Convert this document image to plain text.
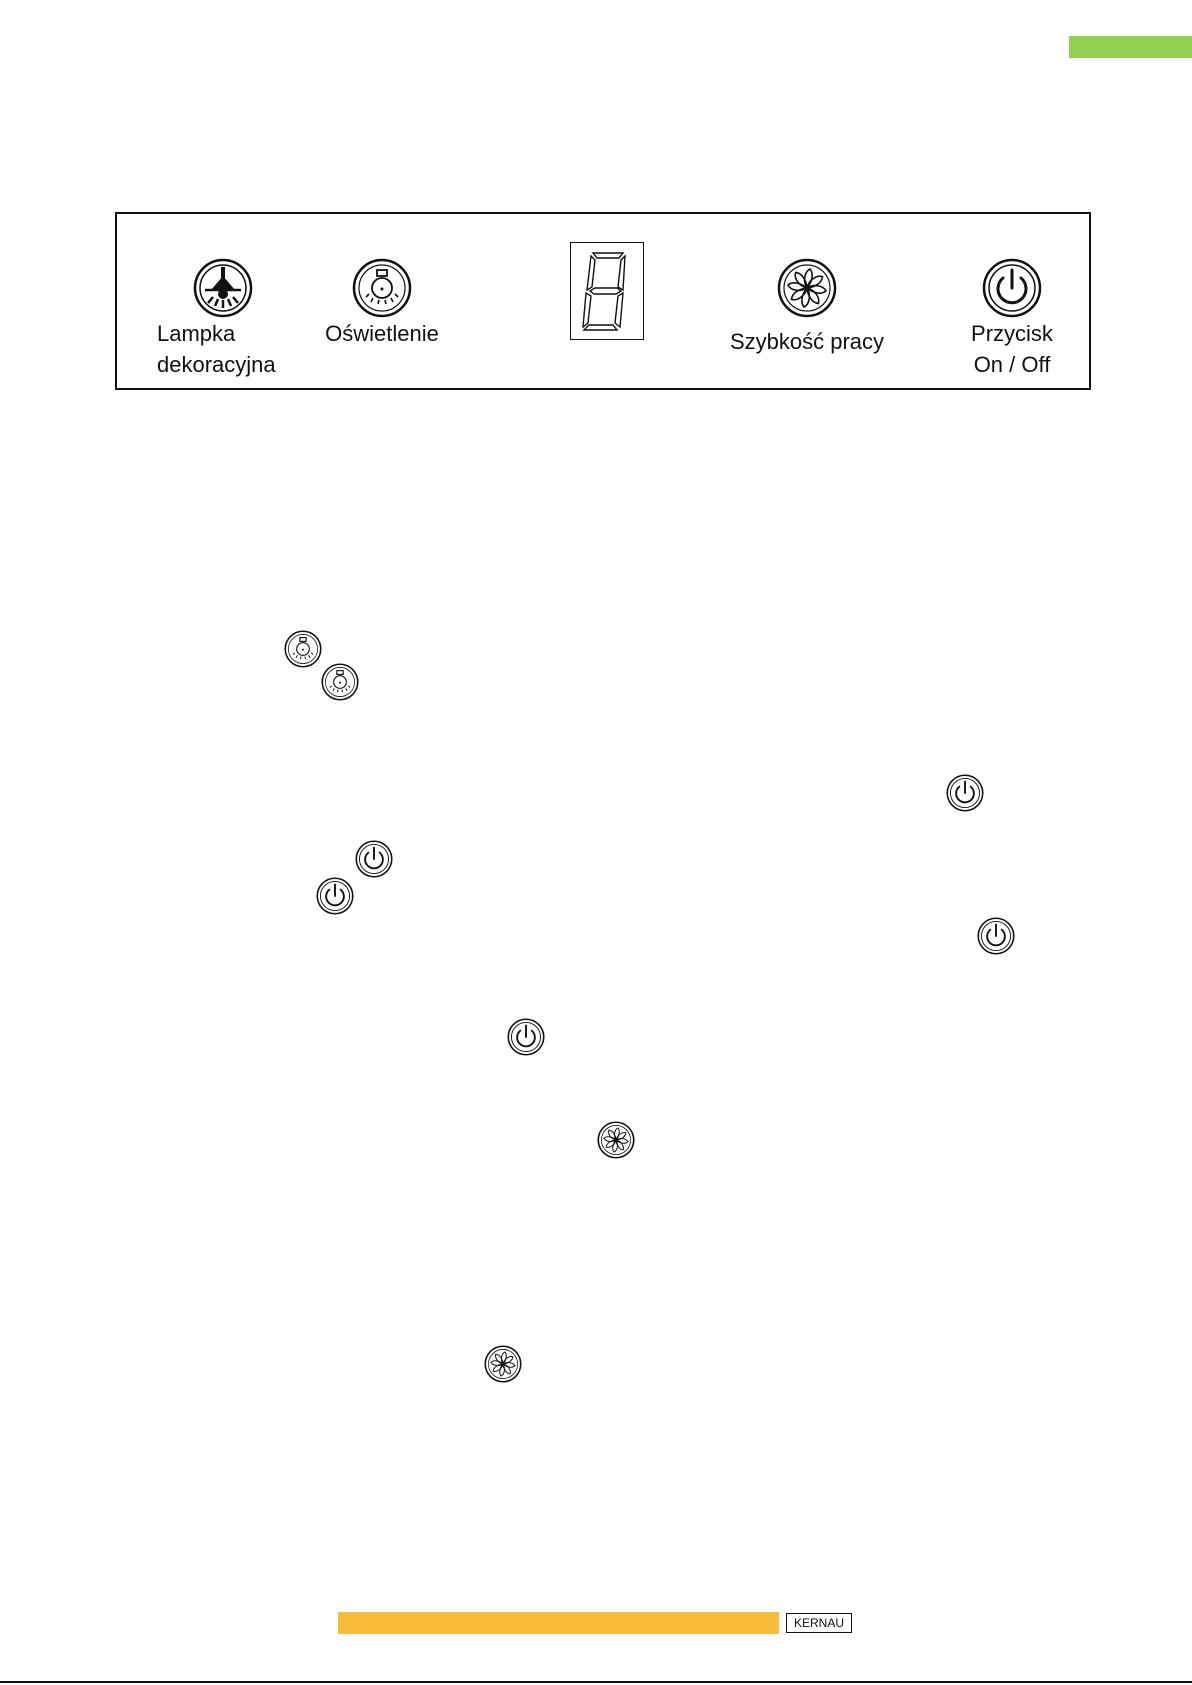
Lampka
dekoracyjna
Oświetlenie	Szybkość pracy	Przycisk
On / Off
KERNAU
